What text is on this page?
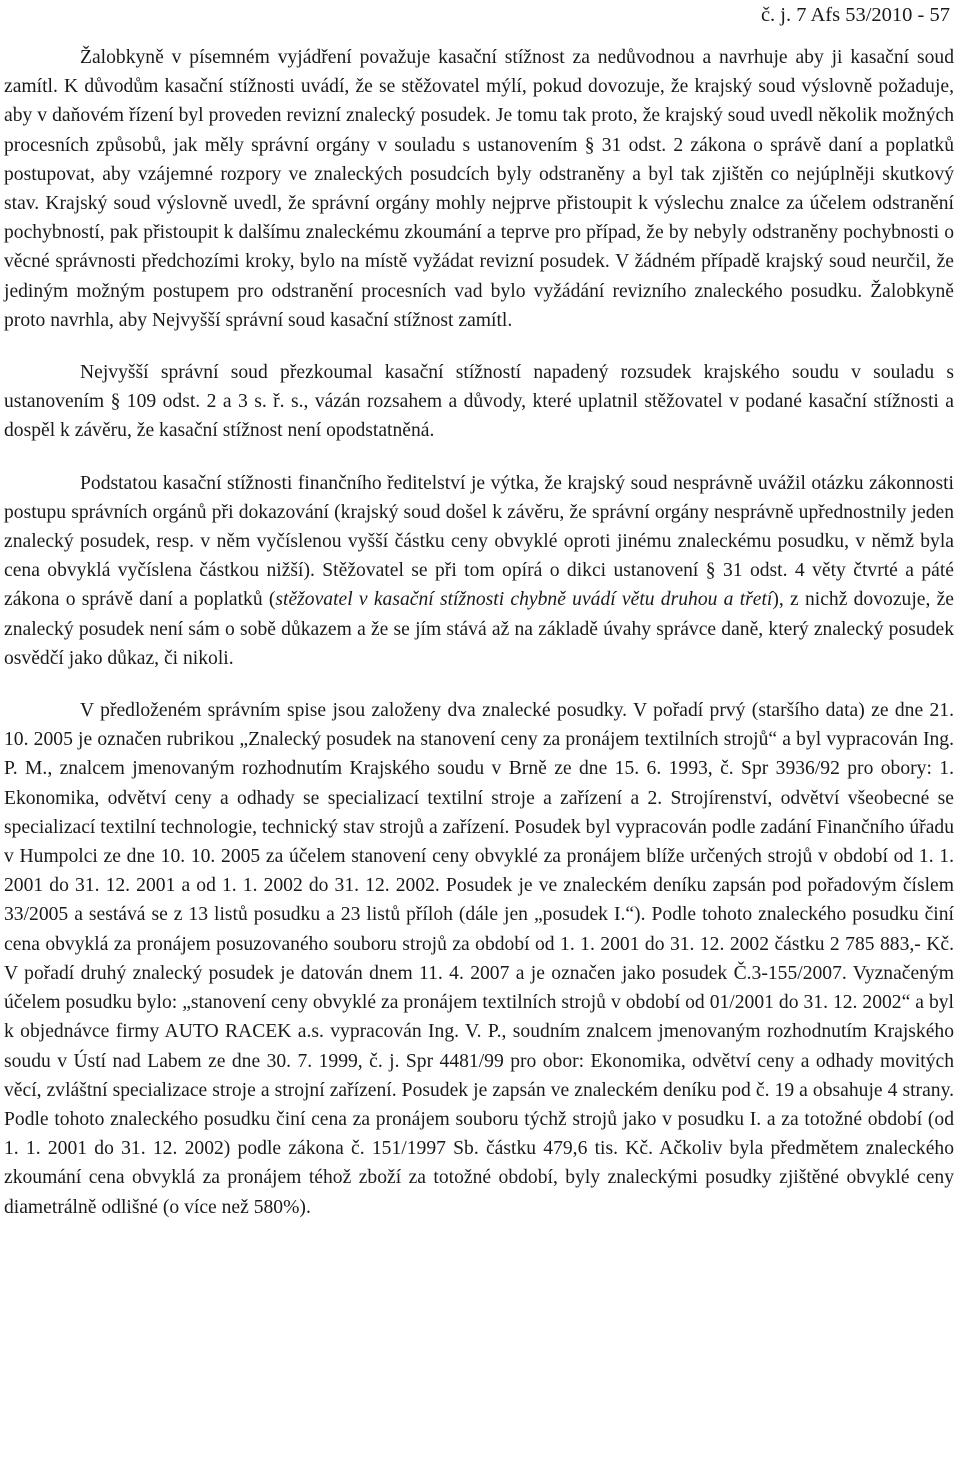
č. j. 7 Afs 53/2010 - 57

Žalobkyně v písemném vyjádření považuje kasační stížnost za nedůvodnou a navrhuje aby ji kasační soud zamítl. K důvodům kasační stížnosti uvádí, že se stěžovatel mýlí, pokud dovozuje, že krajský soud výslovně požaduje, aby v daňovém řízení byl proveden revizní znalecký posudek. Je tomu tak proto, že krajský soud uvedl několik možných procesních způsobů, jak měly správní orgány v souladu s ustanovením § 31 odst. 2 zákona o správě daní a poplatků postupovat, aby vzájemné rozpory ve znaleckých posudcích byly odstraněny a byl tak zjištěn co nejúplněji skutkový stav. Krajský soud výslovně uvedl, že správní orgány mohly nejprve přistoupit k výslechu znalce za účelem odstranění pochybností, pak přistoupit k dalšímu znaleckému zkoumání a teprve pro případ, že by nebyly odstraněny pochybnosti o věcné správnosti předchozími kroky, bylo na místě vyžádat revizní posudek. V žádném případě krajský soud neurčil, že jediným možným postupem pro odstranění procesních vad bylo vyžádání revizního znaleckého posudku. Žalobkyně proto navrhla, aby Nejvyšší správní soud kasační stížnost zamítl.

Nejvyšší správní soud přezkoumal kasační stížností napadený rozsudek krajského soudu v souladu s ustanovením § 109 odst. 2 a 3 s. ř. s., vázán rozsahem a důvody, které uplatnil stěžovatel v podané kasační stížnosti a dospěl k závěru, že kasační stížnost není opodstatněná.

Podstatou kasační stížnosti finančního ředitelství je výtka, že krajský soud nesprávně uvážil otázku zákonnosti postupu správních orgánů při dokazování (krajský soud došel k závěru, že správní orgány nesprávně upřednostnily jeden znalecký posudek, resp. v něm vyčíslenou vyšší částku ceny obvyklé oproti jinému znaleckému posudku, v němž byla cena obvyklá vyčíslena částkou nižší). Stěžovatel se při tom opírá o dikci ustanovení § 31 odst. 4 věty čtvrté a páté zákona o správě daní a poplatků (stěžovatel v kasační stížnosti chybně uvádí větu druhou a třetí), z nichž dovozuje, že znalecký posudek není sám o sobě důkazem a že se jím stává až na základě úvahy správce daně, který znalecký posudek osvědčí jako důkaz, či nikoli.

V předloženém správním spise jsou založeny dva znalecké posudky. V pořadí prvý (staršího data) ze dne 21. 10. 2005 je označen rubrikou „Znalecký posudek na stanovení ceny za pronájem textilních strojů“ a byl vypracován Ing. P. M., znalcem jmenovaným rozhodnutím Krajského soudu v Brně ze dne 15. 6. 1993, č. Spr 3936/92 pro obory: 1. Ekonomika, odvětví ceny a odhady se specializací textilní stroje a zařízení a 2. Strojírenství, odvětví všeobecné se specializací textilní technologie, technický stav strojů a zařízení. Posudek byl vypracován podle zadání Finančního úřadu v Humpolci ze dne 10. 10. 2005 za účelem stanovení ceny obvyklé za pronájem blíže určených strojů v období od 1. 1. 2001 do 31. 12. 2001 a od 1. 1. 2002 do 31. 12. 2002. Posudek je ve znaleckém deníku zapsán pod pořadovým číslem 33/2005 a sestává se z 13 listů posudku a 23 listů příloh (dále jen „posudek I.“). Podle tohoto znaleckého posudku činí cena obvyklá za pronájem posuzovaného souboru strojů za období od 1. 1. 2001 do 31. 12. 2002 částku 2 785 883,- Kč. V pořadí druhý znalecký posudek je datován dnem 11. 4. 2007 a je označen jako posudek Č.3-155/2007. Vyznačeným účelem posudku bylo: „stanovení ceny obvyklé za pronájem textilních strojů v období od 01/2001 do 31. 12. 2002“ a byl k objednávce firmy AUTO RACEK a.s. vypracován Ing. V. P., soudním znalcem jmenovaným rozhodnutím Krajského soudu v Ústí nad Labem ze dne 30. 7. 1999, č. j. Spr 4481/99 pro obor: Ekonomika, odvětví ceny a odhady movitých věcí, zvláštní specializace stroje a strojní zařízení. Posudek je zapsán ve znaleckém deníku pod č. 19 a obsahuje 4 strany. Podle tohoto znaleckého posudku činí cena za pronájem souboru týchž strojů jako v posudku I. a za totožné období (od 1. 1. 2001 do 31. 12. 2002) podle zákona č. 151/1997 Sb. částku 479,6 tis. Kč. Ačkoliv byla předmětem znaleckého zkoumání cena obvyklá za pronájem téhož zboží za totožné období, byly znaleckými posudky zjištěné obvyklé ceny diametrálně odlišné (o více než 580%).
